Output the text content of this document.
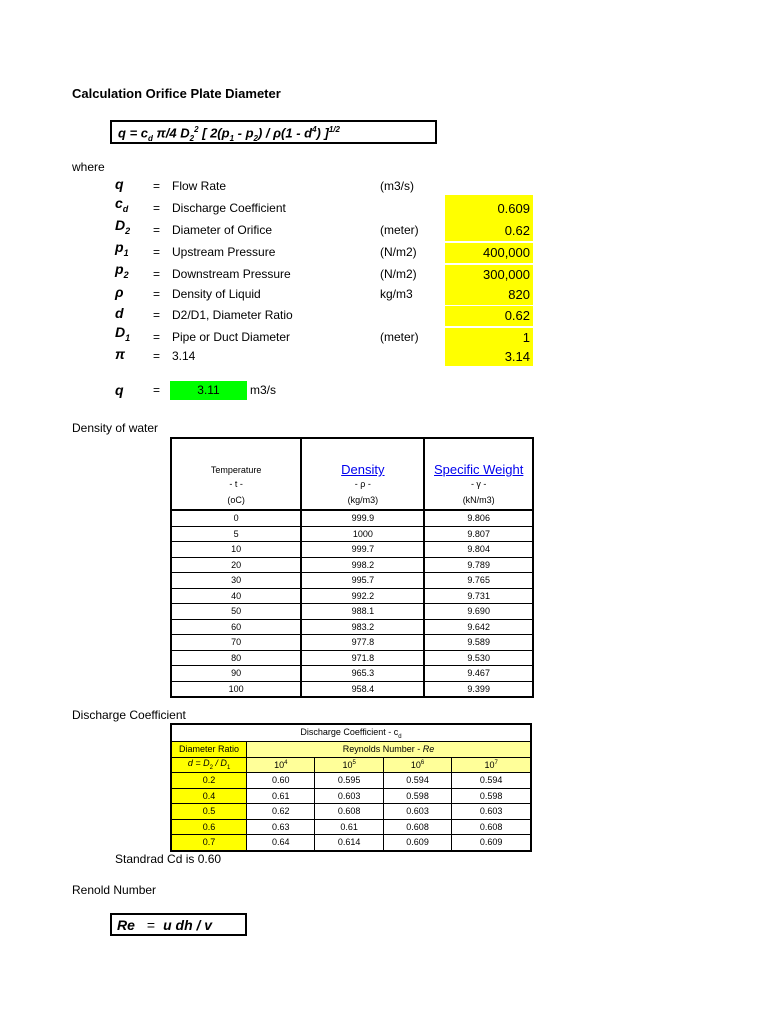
Calculation Orifice Plate Diameter
$q = c_d$ π/4 $D_2^2$ [ $2(p_1 - p_2) / \rho(1 - d^4)$ ]$^{1/2}$
where
q = Flow Rate	(m3/s)
$c_d$ = Discharge Coefficient	0.609
$D_2$ = Diameter of Orifice	(meter)	0.62
$p_1$ = Upstream Pressure	(N/m2)	400,000
$p_2$ = Downstream Pressure	(N/m2)	300,000
ρ = Density of Liquid	kg/m3	820
d = D2/D1, Diameter Ratio	0.62
$D_1$ = Pipe or Duct Diameter	(meter)	1
π = 3.14	3.14
q =	3.11	m3/s
Density of water
Temperature	Density	Specific Weight
- t -	- ρ -	- γ -
(oC)	(kg/m3)	(kN/m3)
0	999.9	9.806
5	1000	9.807
10	999.7	9.804
20	998.2	9.789
30	995.7	9.765
40	992.2	9.731
50	988.1	9.690
60	983.2	9.642
70	977.8	9.589
80	971.8	9.530
90	965.3	9.467
100	958.4	9.399
Discharge Coefficient
Discharge Coefficient - $c_d$
Diameter Ratio	Reynolds Number - Re			
$d = D_2 / D_1$	$10^4$	$10^5$	$10^6$	$10^7$
0.2	0.60	0.595	0.594	0.594
0.4	0.61	0.603	0.598	0.598
0.5	0.62	0.608	0.603	0.603
0.6	0.63	0.61	0.608	0.608
0.7	0.64	0.614	0.609	0.609
Standrad Cd is 0.60
Renold Number
Re = u dh / v
